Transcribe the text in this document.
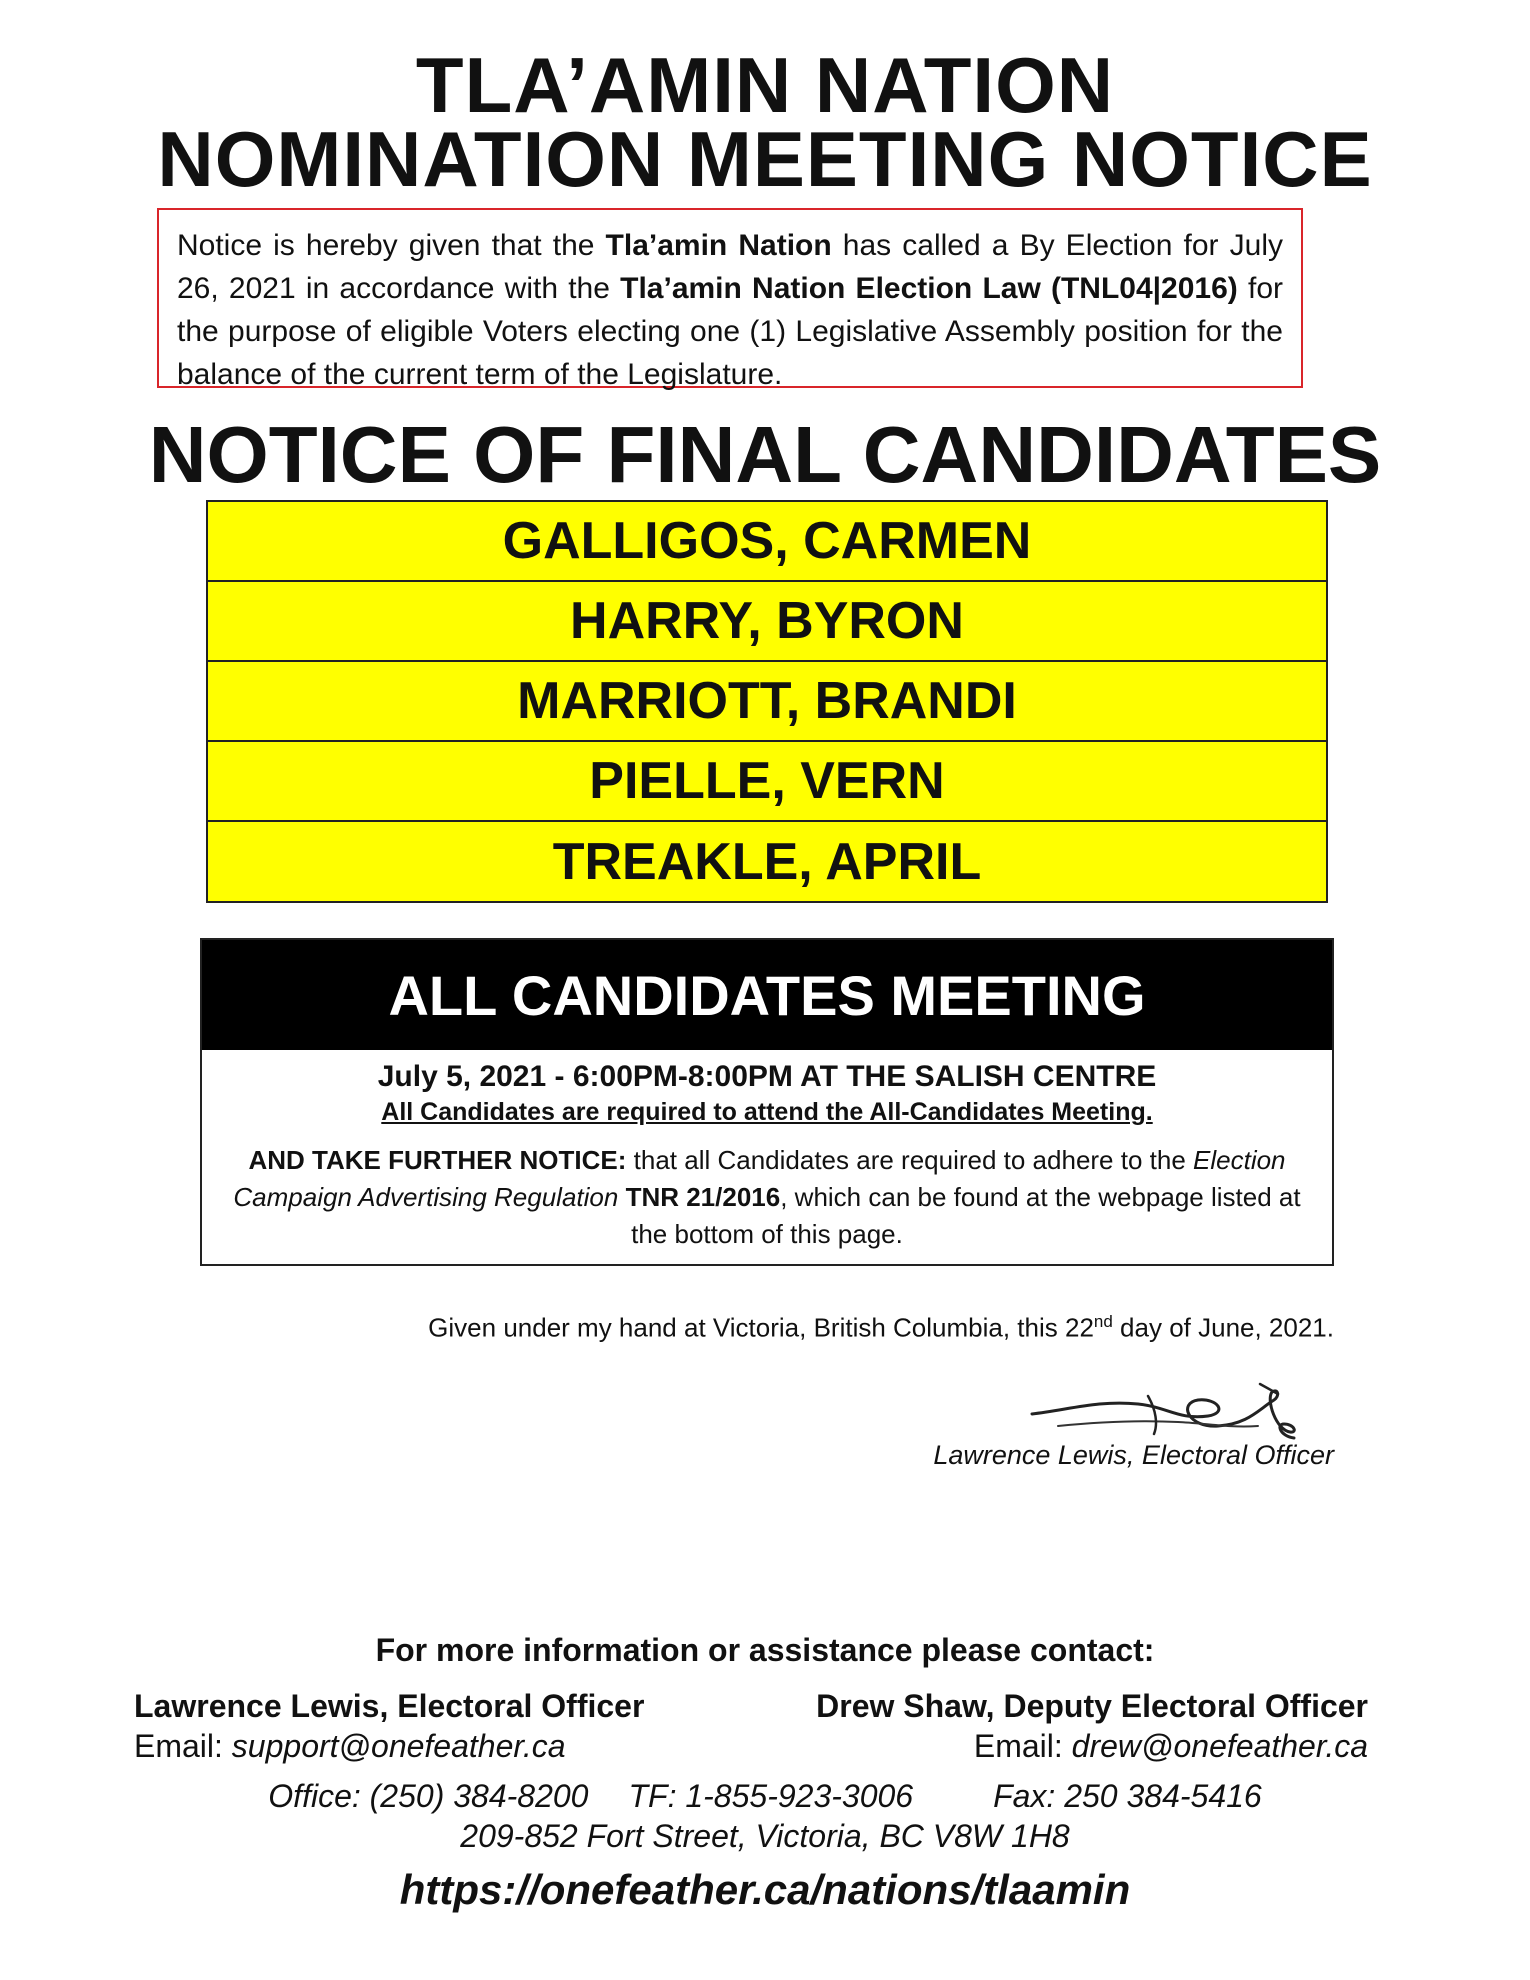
TLA’AMIN NATION
NOMINATION MEETING NOTICE
Notice is hereby given that the Tla’amin Nation has called a By Election for July 26, 2021 in accordance with the Tla’amin Nation Election Law (TNL04|2016) for the purpose of eligible Voters electing one (1) Legislative Assembly position for the balance of the current term of the Legislature.
NOTICE OF FINAL CANDIDATES
GALLIGOS, CARMEN
HARRY, BYRON
MARRIOTT, BRANDI
PIELLE, VERN
TREAKLE, APRIL
ALL CANDIDATES MEETING
July 5, 2021 - 6:00PM-8:00PM AT THE SALISH CENTRE
All Candidates are required to attend the All-Candidates Meeting.
AND TAKE FURTHER NOTICE: that all Candidates are required to adhere to the Election Campaign Advertising Regulation TNR 21/2016, which can be found at the webpage listed at the bottom of this page.
Given under my hand at Victoria, British Columbia, this 22nd day of June, 2021.
Lawrence Lewis, Electoral Officer
For more information or assistance please contact:
Lawrence Lewis, Electoral Officer
Email: support@onefeather.ca
Drew Shaw, Deputy Electoral Officer
Email: drew@onefeather.ca
Office: (250) 384-8200 TF: 1-855-923-3006	Fax: 250 384-5416
209-852 Fort Street, Victoria, BC V8W 1H8
https://onefeather.ca/nations/tlaamin
